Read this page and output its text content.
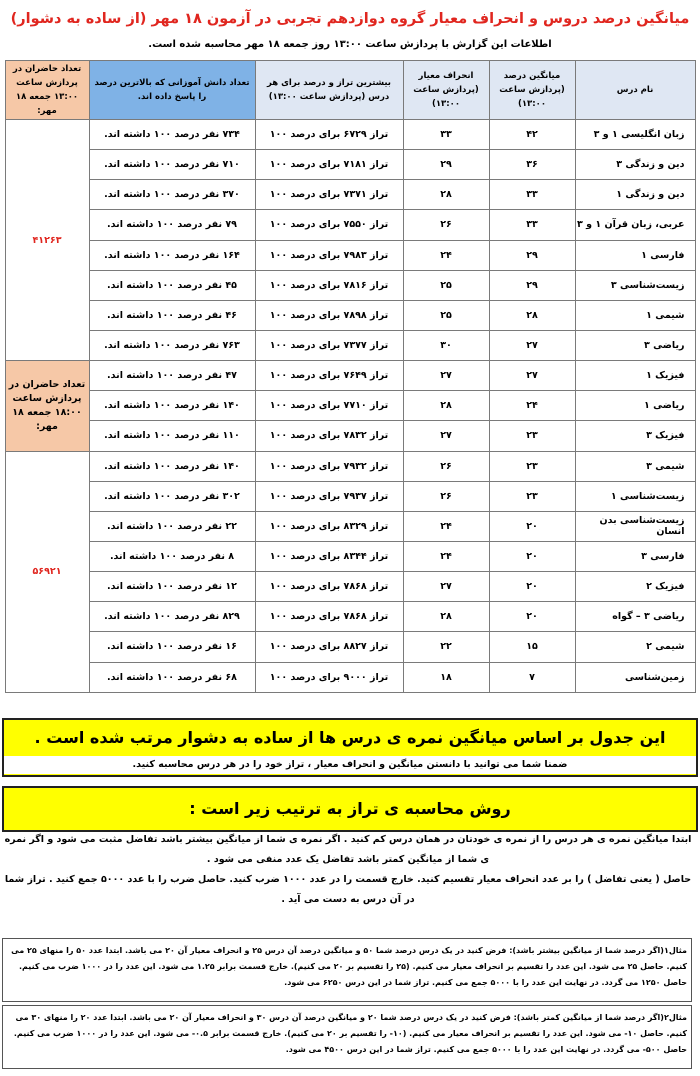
میانگین درصد دروس و انحراف معیار گروه دوازدهم تجربی در آزمون ۱۸ مهر (از ساده به دشوار)
اطلاعات این گزارش با پردازش ساعت ۱۳:۰۰ روز جمعه ۱۸ مهر محاسبه شده است.
نام درس	میانگین درصد (پردازش ساعت ۱۳:۰۰)	انحراف معیار (پردازش ساعت ۱۳:۰۰)	بیشترین تراز و درصد برای هر درس (پردازش ساعت ۱۳:۰۰)	تعداد دانش آموزانی که بالاترین درصد را پاسخ داده اند.	تعداد حاضران در پردازش ساعت ۱۳:۰۰ جمعه ۱۸ مهر:
زبان انگلیسی ۱ و ۳	۴۲	۳۳	تراز ۶۷۲۹ برای درصد ۱۰۰	۷۳۴ نفر درصد ۱۰۰ داشته اند.	۴۱۲۶۳
دین و زندگی ۳	۳۶	۲۹	تراز ۷۱۸۱ برای درصد ۱۰۰	۷۱۰ نفر درصد ۱۰۰ داشته اند.	
دین و زندگی ۱	۳۳	۲۸	تراز ۷۳۷۱ برای درصد ۱۰۰	۳۷۰ نفر درصد ۱۰۰ داشته اند.	
عربی، زبان قرآن ۱ و ۳	۳۳	۲۶	تراز ۷۵۵۰ برای درصد ۱۰۰	۷۹ نفر درصد ۱۰۰ داشته اند.	
فارسی ۱	۲۹	۲۴	تراز ۷۹۸۳ برای درصد ۱۰۰	۱۶۴ نفر درصد ۱۰۰ داشته اند.	
زیست‌شناسی ۳	۲۹	۲۵	تراز ۷۸۱۶ برای درصد ۱۰۰	۴۵ نفر درصد ۱۰۰ داشته اند.	
شیمی ۱	۲۸	۲۵	تراز ۷۸۹۸ برای درصد ۱۰۰	۴۶ نفر درصد ۱۰۰ داشته اند.	
ریاضی ۳	۲۷	۳۰	تراز ۷۳۷۷ برای درصد ۱۰۰	۷۶۳ نفر درصد ۱۰۰ داشته اند.	
فیزیک ۱	۲۷	۲۷	تراز ۷۶۴۹ برای درصد ۱۰۰	۴۷ نفر درصد ۱۰۰ داشته اند.	تعداد حاضران در پردازش ساعت ۱۸:۰۰ جمعه ۱۸ مهر:
ریاضی ۱	۲۴	۲۸	تراز ۷۷۱۰ برای درصد ۱۰۰	۱۴۰ نفر درصد ۱۰۰ داشته اند.	
فیزیک ۳	۲۳	۲۷	تراز ۷۸۳۲ برای درصد ۱۰۰	۱۱۰ نفر درصد ۱۰۰ داشته اند.	
شیمی ۳	۲۳	۲۶	تراز ۷۹۳۲ برای درصد ۱۰۰	۱۴۰ نفر درصد ۱۰۰ داشته اند.	۵۶۹۲۱
زیست‌شناسی ۱	۲۳	۲۶	تراز ۷۹۳۷ برای درصد ۱۰۰	۳۰۲ نفر درصد ۱۰۰ داشته اند.	
زیست‌شناسی بدن انسان	۲۰	۲۴	تراز ۸۳۲۹ برای درصد ۱۰۰	۲۲ نفر درصد ۱۰۰ داشته اند.	
فارسی ۳	۲۰	۲۴	تراز ۸۳۴۴ برای درصد ۱۰۰	۸ نفر درصد ۱۰۰ داشته اند.	
فیزیک ۲	۲۰	۲۷	تراز ۷۸۶۸ برای درصد ۱۰۰	۱۲ نفر درصد ۱۰۰ داشته اند.	
ریاضی ۳ – گواه	۲۰	۲۸	تراز ۷۸۶۸ برای درصد ۱۰۰	۸۲۹ نفر درصد ۱۰۰ داشته اند.	
شیمی ۲	۱۵	۲۲	تراز ۸۸۲۷ برای درصد ۱۰۰	۱۶ نفر درصد ۱۰۰ داشته اند.	
زمین‌شناسی	۷	۱۸	تراز ۹۰۰۰ برای درصد ۱۰۰	۶۸ نفر درصد ۱۰۰ داشته اند.	
این جدول بر اساس میانگین نمره ی درس ها از ساده به دشوار مرتب شده است .
ضمنا شما می توانید با دانستن میانگین و انحراف معیار ، تراز خود را در هر درس محاسبه کنید.
روش محاسبه ی تراز به ترتیب زیر است :
ابتدا میانگین نمره ی هر درس را از نمره ی خودتان در همان درس کم کنید . اگر نمره ی شما از میانگین بیشتر باشد تفاضل مثبت می شود و اگر نمره ی شما از میانگین کمتر باشد تفاضل یک عدد منفی می شود .
حاصل ( یعنی تفاضل ) را بر عدد انحراف معیار تقسیم کنید. خارج قسمت را در عدد ۱۰۰۰ ضرب کنید. حاصل ضرب را با عدد ۵۰۰۰ جمع کنید . تراز شما در آن درس به دست می آید .
مثال۱(اگر درصد شما از میانگین بیشتر باشد): فرض کنید در یک درس درصد شما ۵۰ و میانگین درصد آن درس ۲۵ و انحراف معیار آن ۲۰ می باشد. ابتدا عدد ۵۰ را منهای ۲۵ می کنیم. حاصل ۲۵ می شود. این عدد را تقسیم بر انحراف معیار می کنیم. (۲۵ را تقسیم بر ۲۰ می کنیم). خارج قسمت برابر ۱.۲۵ می شود. این عدد را در ۱۰۰۰ ضرب می کنیم. حاصل ۱۲۵۰ می گردد. در نهایت این عدد را با ۵۰۰۰ جمع می کنیم. تراز شما در این درس ۶۲۵۰ می شود.
مثال۲(اگر درصد شما از میانگین کمتر باشد): فرض کنید در یک درس درصد شما ۲۰ و میانگین درصد آن درس ۳۰ و انحراف معیار آن ۲۰ می باشد. ابتدا عدد ۲۰ را منهای ۳۰ می کنیم. حاصل ۱۰- می شود. این عدد را تقسیم بر انحراف معیار می کنیم. (۱۰- را تقسیم بر ۲۰ می کنیم). خارج قسمت برابر ۰.۵- می شود. این عدد را در ۱۰۰۰ ضرب می کنیم. حاصل ۵۰۰- می گردد. در نهایت این عدد را با ۵۰۰۰ جمع می کنیم. تراز شما در این درس ۴۵۰۰ می شود.
